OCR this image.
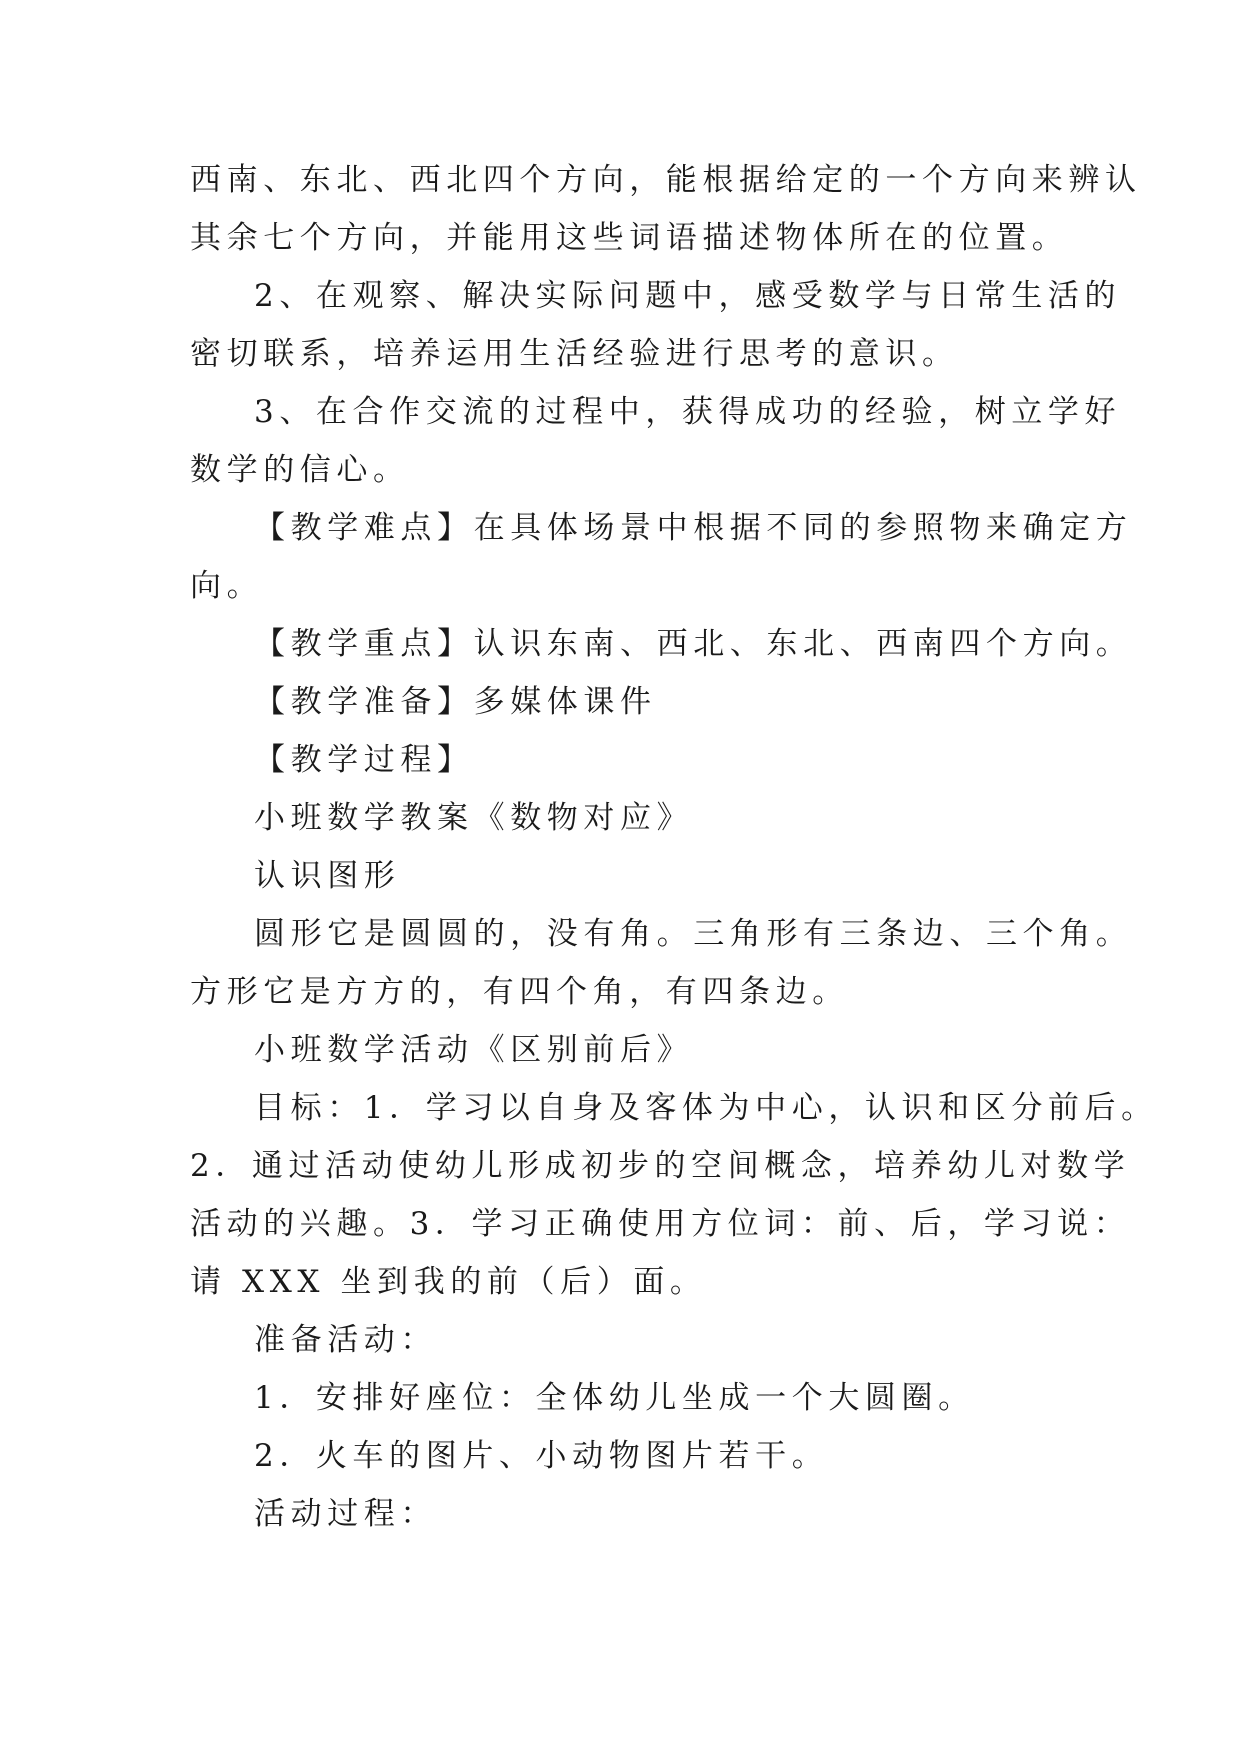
西南、东北、西北四个方向，能根据给定的一个方向来辨认
其余七个方向，并能用这些词语描述物体所在的位置。
2、在观察、解决实际问题中，感受数学与日常生活的
密切联系，培养运用生活经验进行思考的意识。
3、在合作交流的过程中，获得成功的经验，树立学好
数学的信心。
【教学难点】在具体场景中根据不同的参照物来确定方
向。
【教学重点】认识东南、西北、东北、西南四个方向。
【教学准备】多媒体课件
【教学过程】
小班数学教案《数物对应》
认识图形
圆形它是圆圆的，没有角。三角形有三条边、三个角。
方形它是方方的，有四个角，有四条边。
小班数学活动《区别前后》
目标：1．学习以自身及客体为中心，认识和区分前后。
2．通过活动使幼儿形成初步的空间概念，培养幼儿对数学
活动的兴趣。3．学习正确使用方位词：前、后，学习说：
请 XXX 坐到我的前（后）面。
准备活动：
1．安排好座位：全体幼儿坐成一个大圆圈。
2．火车的图片、小动物图片若干。
活动过程：
